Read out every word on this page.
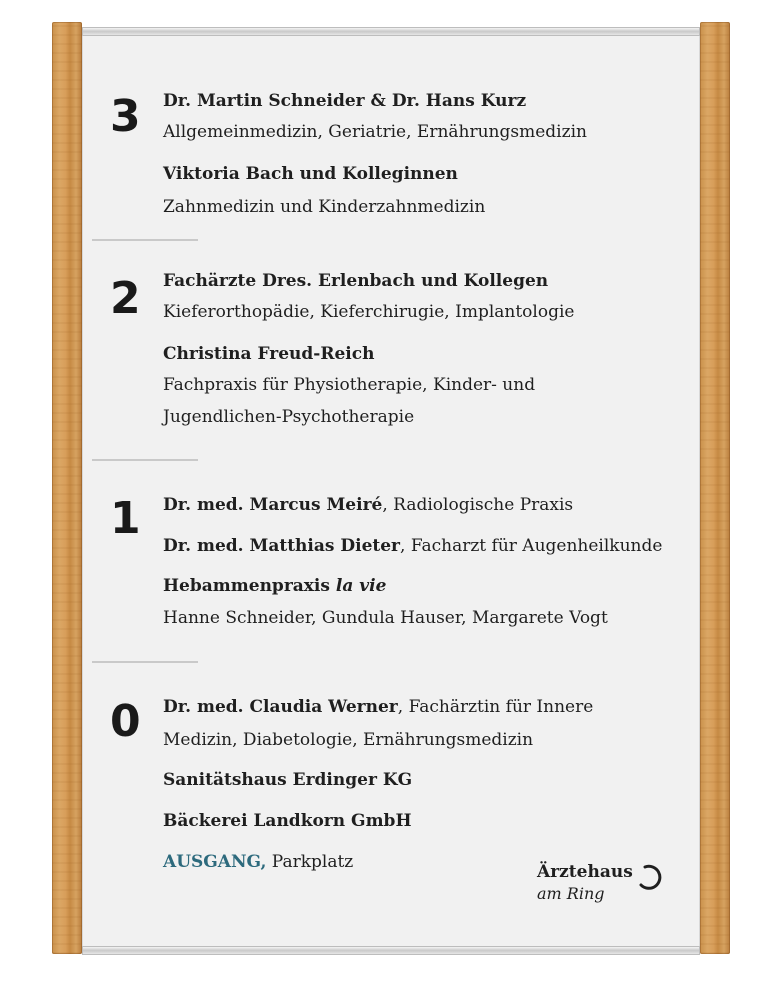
3 Dr. Martin Schneider & Dr. Hans Kurz
Allgemeinmedizin, Geriatrie, Ernährungsmedizin
Viktoria Bach und Kolleginnen
Zahnmedizin und Kinderzahnmedizin
2 Fachärzte Dres. Erlenbach und Kollegen
Kieferorthopädie, Kieferchirugie, Implantologie
Christina Freud-Reich
Fachpraxis für Physiotherapie, Kinder- und
Jugendlichen-Psychotherapie
1 Dr. med. Marcus Meiré, Radiologische Praxis
Dr. med. Matthias Dieter, Facharzt für Augenheilkunde
Hebammenpraxis la vie
Hanne Schneider, Gundula Hauser, Margarete Vogt
0 Dr. med. Claudia Werner, Fachärztin für Innere
Medizin, Diabetologie, Ernährungsmedizin
Sanitätshaus Erdinger KG
Bäckerei Landkorn GmbH
AUSGANG, Parkplatz	Ärztehaus
am Ring
